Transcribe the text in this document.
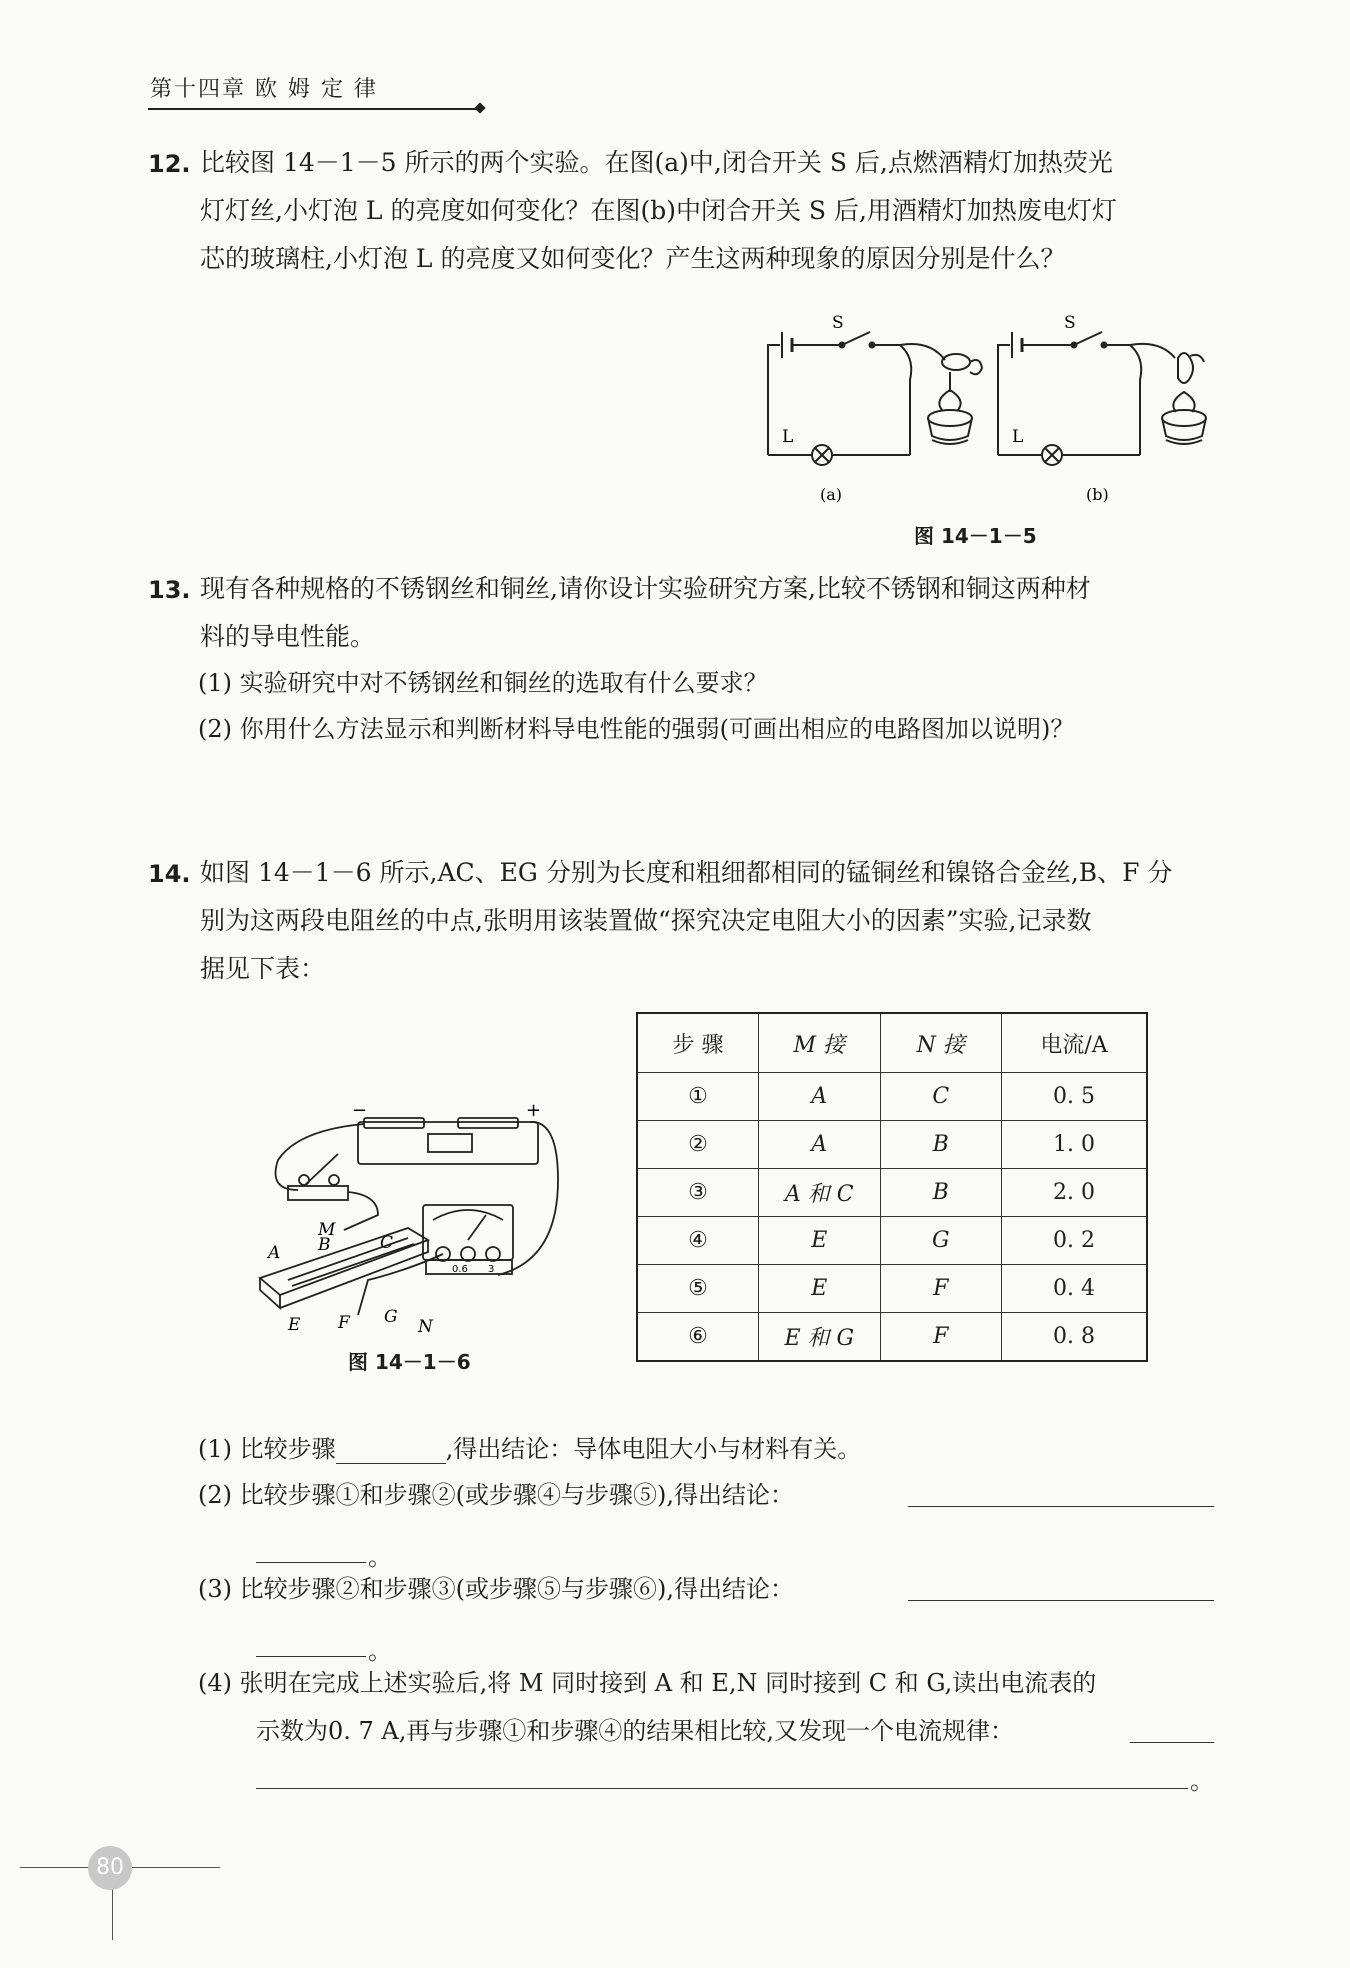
第十四章 欧 姆 定 律
12. 比较图 14－1－5 所示的两个实验。在图(a)中,闭合开关 S 后,点燃酒精灯加热荧光
灯灯丝,小灯泡 L 的亮度如何变化？在图(b)中闭合开关 S 后,用酒精灯加热废电灯灯
芯的玻璃柱,小灯泡 L 的亮度又如何变化？产生这两种现象的原因分别是什么？
S
L
S
L
(a)	(b)
图 14－1－5
13. 现有各种规格的不锈钢丝和铜丝,请你设计实验研究方案,比较不锈钢和铜这两种材
料的导电性能。
(1) 实验研究中对不锈钢丝和铜丝的选取有什么要求？
(2) 你用什么方法显示和判断材料导电性能的强弱(可画出相应的电路图加以说明)？
14. 如图 14－1－6 所示,AC、EG 分别为长度和粗细都相同的锰铜丝和镍铬合金丝,B、F 分
别为这两段电阻丝的中点,张明用该装置做“探究决定电阻大小的因素”实验,记录数
据见下表：
−	+
M
A B	C
E F G N
0.6 3
图 14－1－6
步 骤	M 接	N 接	电流/A
①	A	C	0. 5
②	A	B	1. 0
③	A 和 C	B	2. 0
④	E	G	0. 2
⑤	E	F	0. 4
⑥	E 和 G	F	0. 8
(1) 比较步骤	,得出结论：导体电阻大小与材料有关。
(2) 比较步骤①和步骤②(或步骤④与步骤⑤),得出结论：
。
(3) 比较步骤②和步骤③(或步骤⑤与步骤⑥),得出结论：
。
(4) 张明在完成上述实验后,将 M 同时接到 A 和 E,N 同时接到 C 和 G,读出电流表的
示数为0. 7 A,再与步骤①和步骤④的结果相比较,又发现一个电流规律：
。
80
